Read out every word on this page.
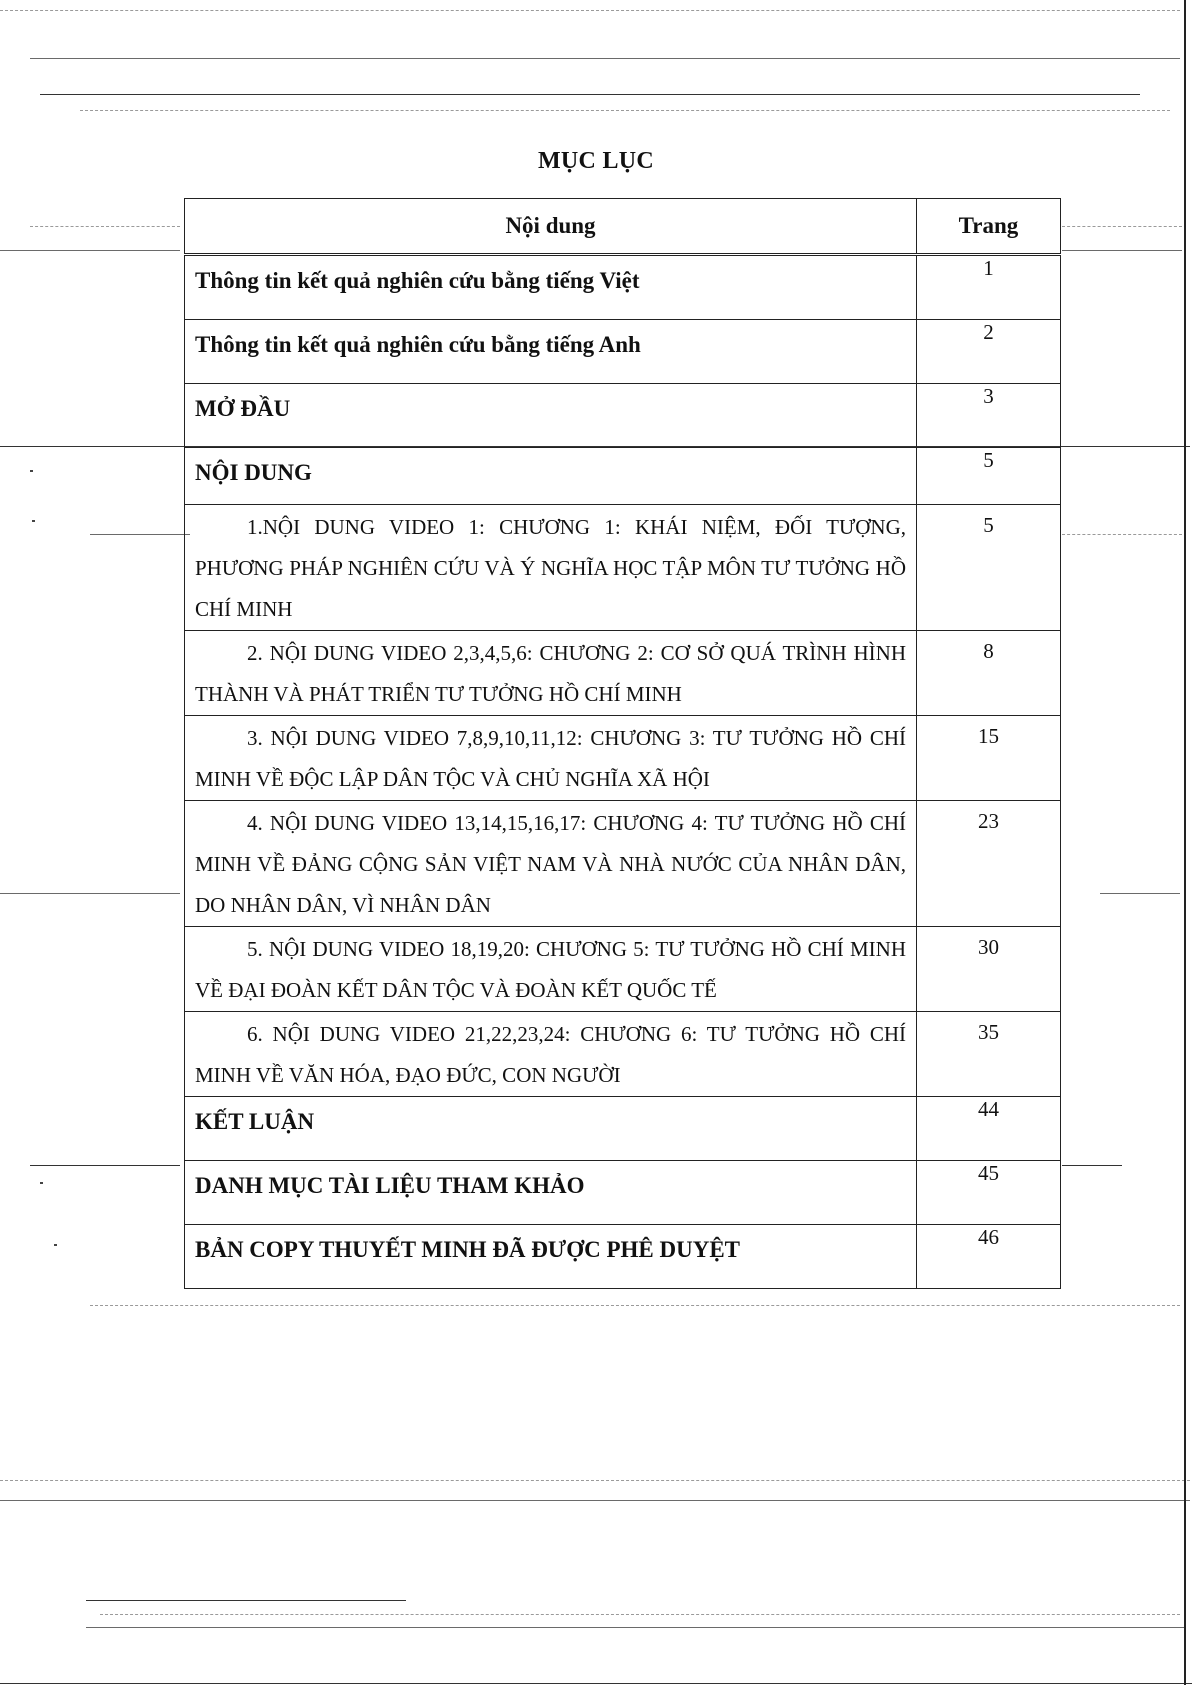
MỤC LỤC
Nội dung	Trang
Thông tin kết quả nghiên cứu bằng tiếng Việt	1
Thông tin kết quả nghiên cứu bằng tiếng Anh	2
MỞ ĐẦU	3
NỘI DUNG	5
1.NỘI DUNG VIDEO 1: CHƯƠNG 1: KHÁI NIỆM, ĐỐI TƯỢNG, PHƯƠNG PHÁP NGHIÊN CỨU VÀ Ý NGHĨA HỌC TẬP MÔN TƯ TƯỞNG HỒ CHÍ MINH	5
2. NỘI DUNG VIDEO 2,3,4,5,6: CHƯƠNG 2: CƠ SỞ QUÁ TRÌNH HÌNH THÀNH VÀ PHÁT TRIỂN TƯ TƯỞNG HỒ CHÍ MINH	8
3. NỘI DUNG VIDEO 7,8,9,10,11,12: CHƯƠNG 3: TƯ TƯỞNG HỒ CHÍ MINH VỀ ĐỘC LẬP DÂN TỘC VÀ CHỦ NGHĨA XÃ HỘI	15
4. NỘI DUNG VIDEO 13,14,15,16,17: CHƯƠNG 4: TƯ TƯỞNG HỒ CHÍ MINH VỀ ĐẢNG CỘNG SẢN VIỆT NAM VÀ NHÀ NƯỚC CỦA NHÂN DÂN, DO NHÂN DÂN, VÌ NHÂN DÂN	23
5. NỘI DUNG VIDEO 18,19,20: CHƯƠNG 5: TƯ TƯỞNG HỒ CHÍ MINH VỀ ĐẠI ĐOÀN KẾT DÂN TỘC VÀ ĐOÀN KẾT QUỐC TẾ	30
6. NỘI DUNG VIDEO 21,22,23,24: CHƯƠNG 6: TƯ TƯỞNG HỒ CHÍ MINH VỀ VĂN HÓA, ĐẠO ĐỨC, CON NGƯỜI	35
KẾT LUẬN	44
DANH MỤC TÀI LIỆU THAM KHẢO	45
BẢN COPY THUYẾT MINH ĐÃ ĐƯỢC PHÊ DUYỆT	46
